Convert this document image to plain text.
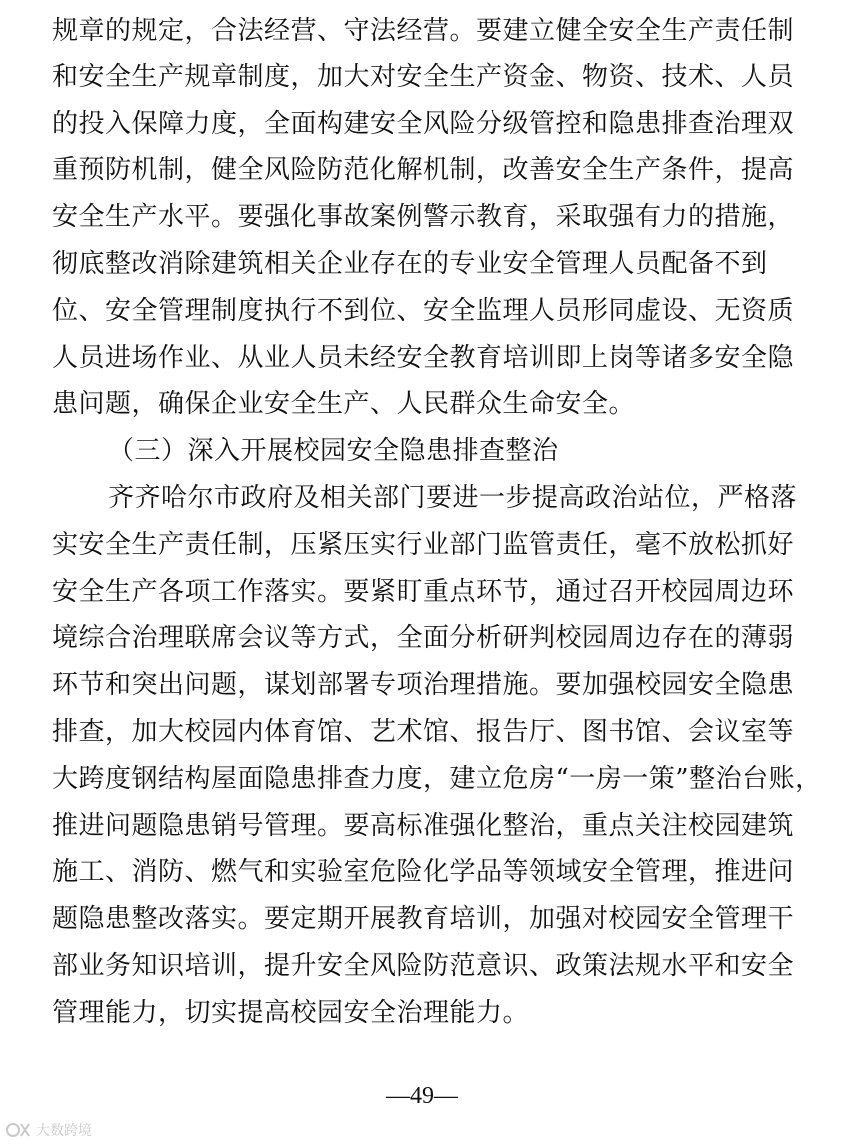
规章的规定，合法经营、守法经营。要建立健全安全生产责任制
和安全生产规章制度，加大对安全生产资金、物资、技术、人员
的投入保障力度，全面构建安全风险分级管控和隐患排查治理双
重预防机制，健全风险防范化解机制，改善安全生产条件，提高
安全生产水平。要强化事故案例警示教育，采取强有力的措施，
彻底整改消除建筑相关企业存在的专业安全管理人员配备不到
位、安全管理制度执行不到位、安全监理人员形同虚设、无资质
人员进场作业、从业人员未经安全教育培训即上岗等诸多安全隐
患问题，确保企业安全生产、人民群众生命安全。
（三）深入开展校园安全隐患排查整治
齐齐哈尔市政府及相关部门要进一步提高政治站位，严格落
实安全生产责任制，压紧压实行业部门监管责任，毫不放松抓好
安全生产各项工作落实。要紧盯重点环节，通过召开校园周边环
境综合治理联席会议等方式，全面分析研判校园周边存在的薄弱
环节和突出问题，谋划部署专项治理措施。要加强校园安全隐患
排查，加大校园内体育馆、艺术馆、报告厅、图书馆、会议室等
大跨度钢结构屋面隐患排查力度，建立危房“一房一策”整治台账，
推进问题隐患销号管理。要高标准强化整治，重点关注校园建筑
施工、消防、燃气和实验室危险化学品等领域安全管理，推进问
题隐患整改落实。要定期开展教育培训，加强对校园安全管理干
部业务知识培训，提升安全风险防范意识、政策法规水平和安全
管理能力，切实提高校园安全治理能力。
—49—
大数跨境
